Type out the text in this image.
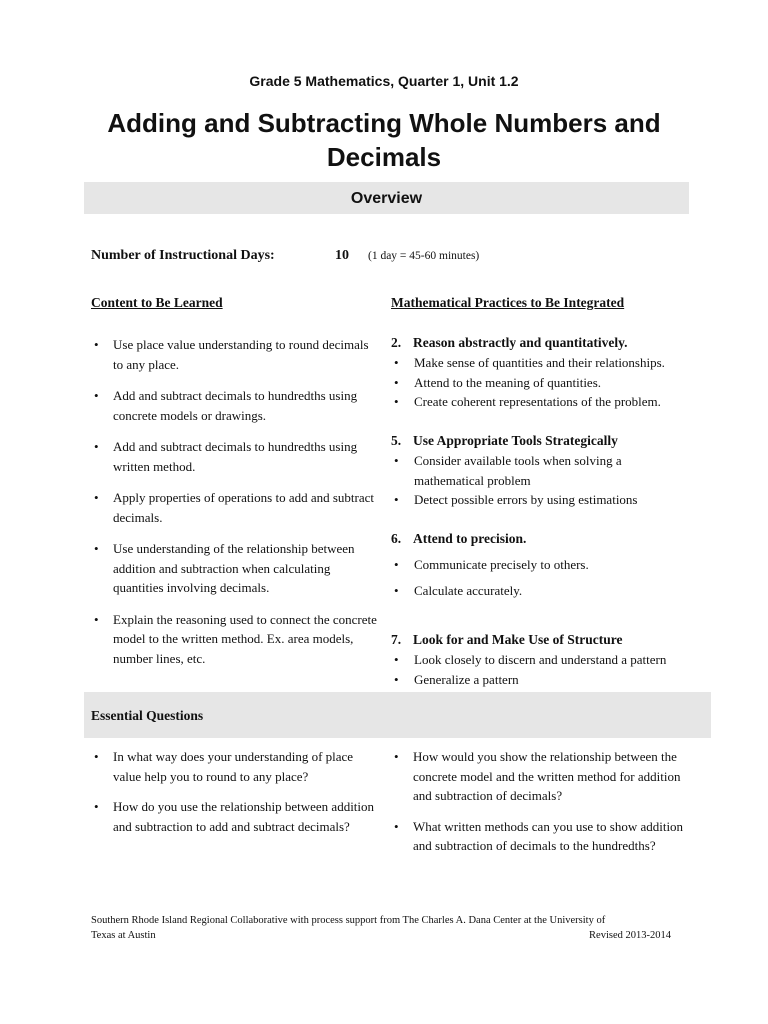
Grade 5 Mathematics, Quarter 1, Unit 1.2
Adding and Subtracting Whole Numbers and Decimals
Overview
Number of Instructional Days:	10 (1 day = 45-60 minutes)
Content to Be Learned	Mathematical Practices to Be Integrated
• Use place value understanding to round decimals to any place.
• Add and subtract decimals to hundredths using concrete models or drawings.
• Add and subtract decimals to hundredths using written method.
• Apply properties of operations to add and subtract decimals.
• Use understanding of the relationship between addition and subtraction when calculating quantities involving decimals.
• Explain the reasoning used to connect the concrete model to the written method. Ex. area models, number lines, etc.
2. Reason abstractly and quantitatively.
• Make sense of quantities and their relationships.
• Attend to the meaning of quantities.
• Create coherent representations of the problem.
5. Use Appropriate Tools Strategically
• Consider available tools when solving a mathematical problem
• Detect possible errors by using estimations
6. Attend to precision.
• Communicate precisely to others.
• Calculate accurately.
7. Look for and Make Use of Structure
• Look closely to discern and understand a pattern
• Generalize a pattern
Essential Questions
• In what way does your understanding of place value help you to round to any place?
• How do you use the relationship between addition and subtraction to add and subtract decimals?
• How would you show the relationship between the concrete model and the written method for addition and subtraction of decimals?
• What written methods can you use to show addition and subtraction of decimals to the hundredths?
Southern Rhode Island Regional Collaborative with process support from The Charles A. Dana Center at the University of
Texas at Austin	Revised 2013-2014
